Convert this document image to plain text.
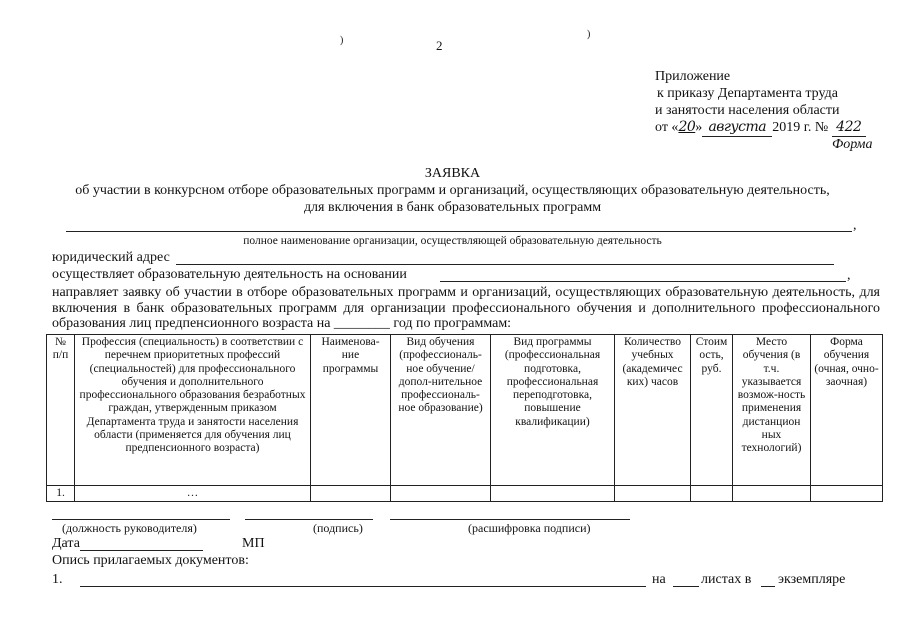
)	2
)
Приложение
к приказу Департамента труда
и занятости населения области
от «20» августа 2019 г. № 422
Форма
ЗАЯВКА
об участии в конкурсном отборе образовательных программ и организаций, осуществляющих образовательную деятельность,
для включения в банк образовательных программ
,
полное наименование организации, осуществляющей образовательную деятельность
юридический адрес
осуществляет образовательную деятельность на основании	,
направляет заявку об участии в отборе образовательных программ и организаций, осуществляющих образовательную деятельность, для включения в банк образовательных программ для организации профессионального обучения и дополнительного профессионального образования лиц предпенсионного возраста на ________ год по программам:
№ п/п	Профессия (специальность) в соответствии с перечнем приоритетных профессий (специальностей) для профессионального обучения и дополнительного профессионального образования безработных граждан, утвержденным приказом Департамента труда и занятости населения области (применяется для обучения лиц предпенсионного возраста)	Наименова-ние программы	Вид обучения (профессиональ-ное обучение/допол-нительное профессиональ-ное образование)	Вид программы (профессиональная подготовка, профессиональная переподготовка, повышение квалификации)	Количество учебных (академичес ких) часов	Стоим ость, руб.	Место обучения (в т.ч. указывается возмож-ность применения дистанцион ных технологий)	Форма обучения (очная, очно-заочная)
1.	…							
(должность руководителя)	(подпись)	(расшифровка подписи)
Дата	МП
Опись прилагаемых документов:
1.	на	листах в экземпляре
